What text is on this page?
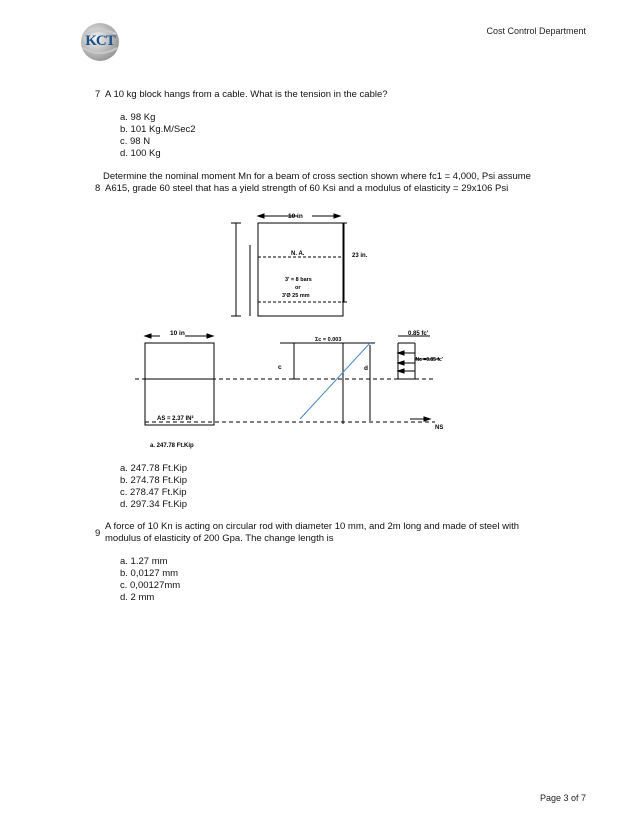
KCT
Cost Control Department
7 A 10 kg block hangs from a cable. What is the tension in the cable?
a. 98 Kg
b. 101 Kg.M/Sec2
c. 98 N
d. 100 Kg
Determine the nominal moment Mn for a beam of cross section shown where fc1 = 4,000, Psi assume
8 A615, grade 60 steel that has a yield strength of 60 Ksi and a modulus of elasticity = 29x106 Psi
10 in
N. A.	23 in.
3' = 8 bars
or
3'Ø 25 mm
10 in
Σc = 0.003
0.85 fc'
Nc =0.85 fc'
c	d
AS = 2.37 IN²
NS
a. 247.78 Ft.Kip
a. 247.78 Ft.Kip
b. 274.78 Ft.Kip
c. 278.47 Ft.Kip
d. 297.34 Ft.Kip
A force of 10 Kn is acting on circular rod with diameter 10 mm, and 2m long and made of steel with
9 modulus of elasticity of 200 Gpa. The change length is
a. 1.27 mm
b. 0,0127 mm
c. 0,00127mm
d. 2 mm
Page 3 of 7
